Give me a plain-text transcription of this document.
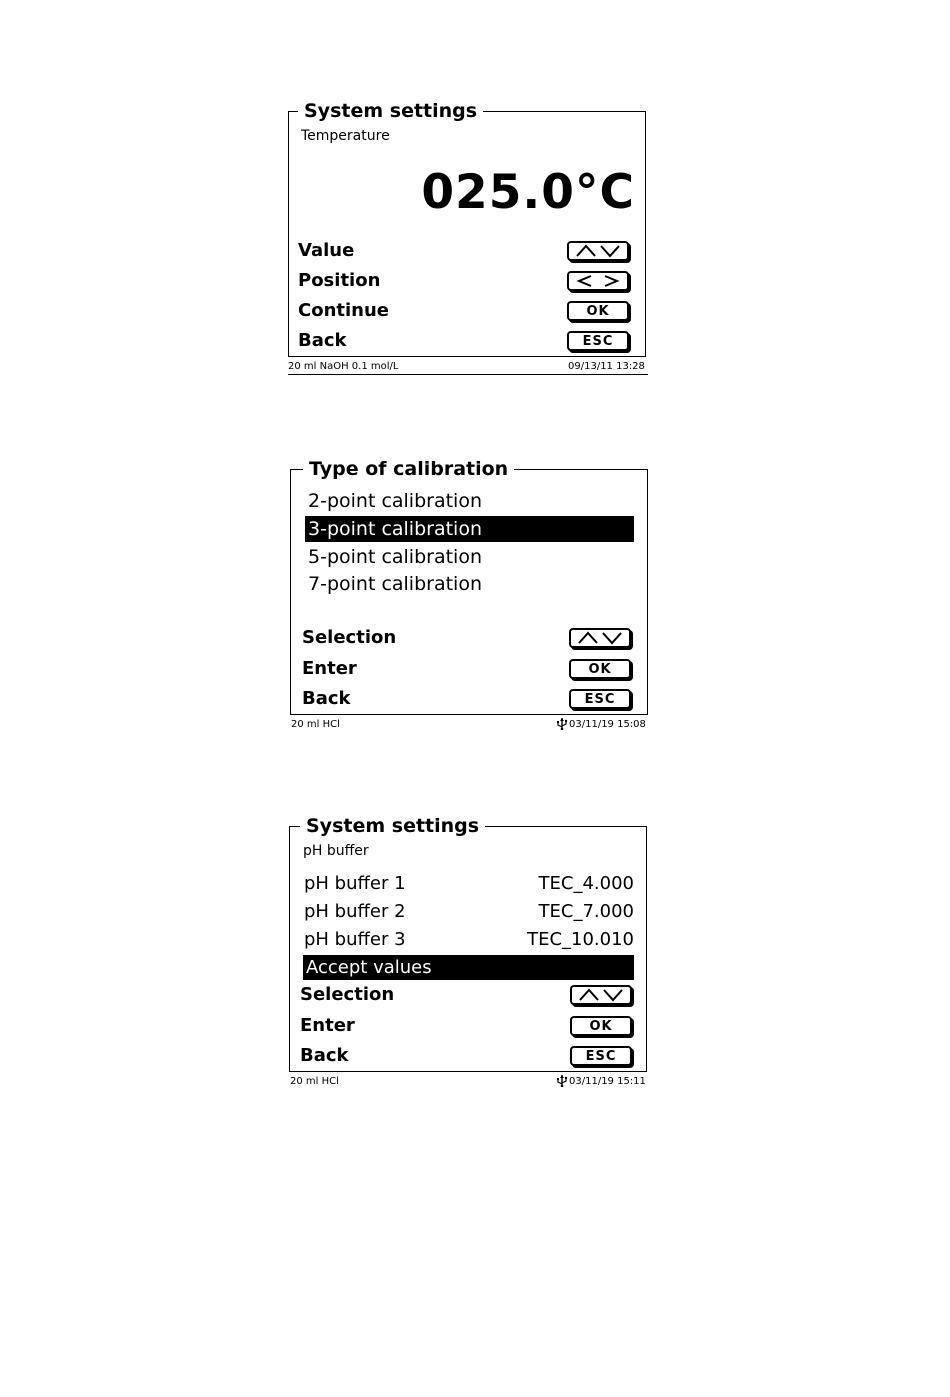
System settings
Temperature
025.0°C
Value
Position
Continue	OK
Back	ESC
20 ml NaOH 0.1 mol/L	09/13/11 13:28
Type of calibration
2-point calibration
3-point calibration
5-point calibration
7-point calibration
Selection
Enter	OK
Back	ESC
20 ml HCl	03/11/19 15:08
System settings
pH buffer
pH buffer 1	TEC_4.000
pH buffer 2	TEC_7.000
pH buffer 3	TEC_10.010
Accept values
Selection
Enter	OK
Back	ESC
20 ml HCl	03/11/19 15:11
